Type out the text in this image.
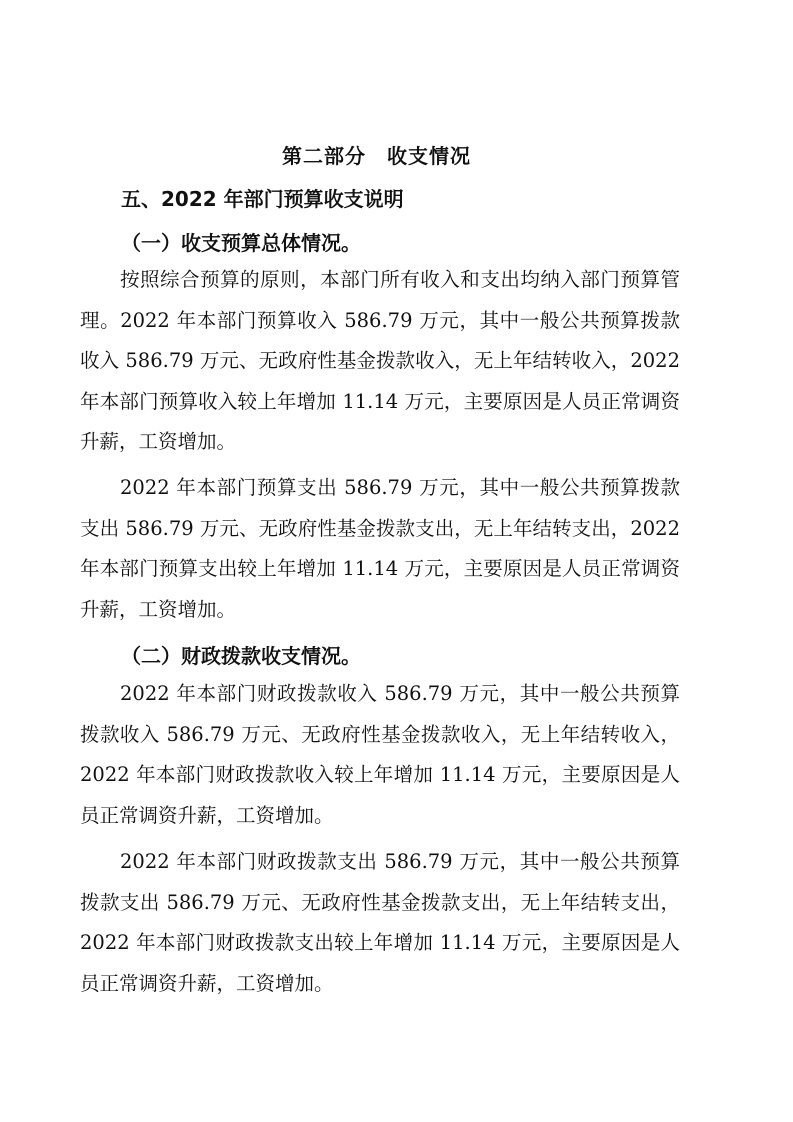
第二部分　收支情况
五、2022 年部门预算收支说明
（一）收支预算总体情况。

按照综合预算的原则，本部门所有收入和支出均纳入部门预算管理。2022 年本部门预算收入 586.79 万元，其中一般公共预算拨款收入 586.79 万元、无政府性基金拨款收入，无上年结转收入，2022 年本部门预算收入较上年增加 11.14 万元，主要原因是人员正常调资升薪，工资增加。

2022 年本部门预算支出 586.79 万元，其中一般公共预算拨款支出 586.79 万元、无政府性基金拨款支出，无上年结转支出，2022 年本部门预算支出较上年增加 11.14 万元，主要原因是人员正常调资升薪，工资增加。

（二）财政拨款收支情况。

2022 年本部门财政拨款收入 586.79 万元，其中一般公共预算拨款收入 586.79 万元、无政府性基金拨款收入，无上年结转收入，2022 年本部门财政拨款收入较上年增加 11.14 万元，主要原因是人员正常调资升薪，工资增加。

2022 年本部门财政拨款支出 586.79 万元，其中一般公共预算拨款支出 586.79 万元、无政府性基金拨款支出，无上年结转支出，2022 年本部门财政拨款支出较上年增加 11.14 万元，主要原因是人员正常调资升薪，工资增加。
